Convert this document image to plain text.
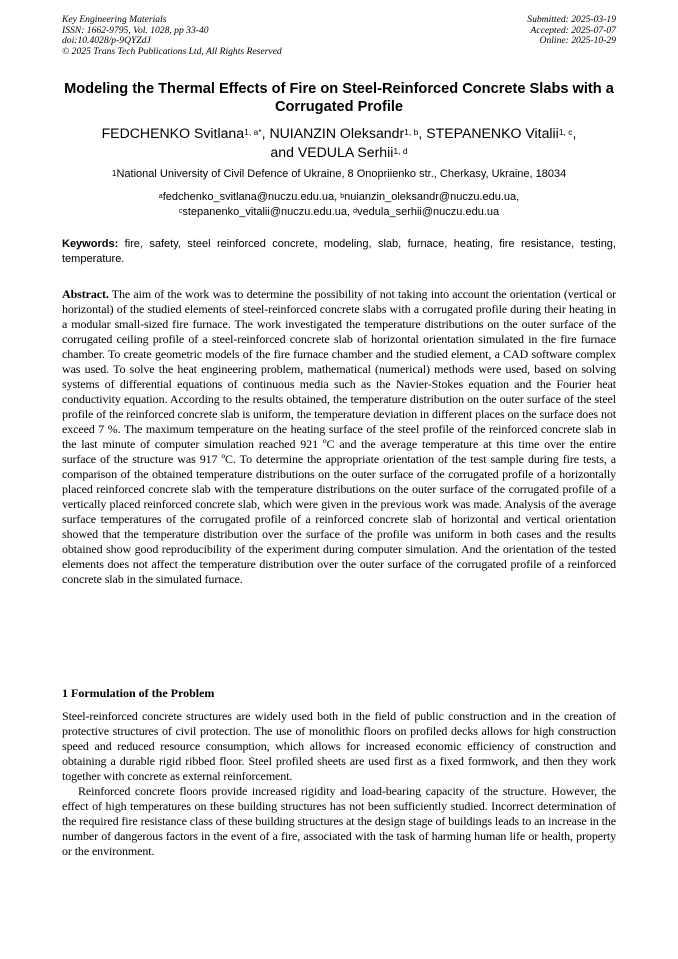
Key Engineering Materials
ISSN: 1662-9795, Vol. 1028, pp 33-40
doi:10.4028/p-9QYZdJ
© 2025 Trans Tech Publications Ltd, All Rights Reserved
Submitted: 2025-03-19
Accepted: 2025-07-07
Online: 2025-10-29
Modeling the Thermal Effects of Fire on Steel-Reinforced Concrete Slabs with a Corrugated Profile
FEDCHENKO Svitlana$^{1, a*}$, NUIANZIN Oleksandr$^{1, b}$, STEPANENKO Vitalii$^{1, c}$,
and VEDULA Serhii$^{1, d}$
$^1$National University of Civil Defence of Ukraine, 8 Onopriienko str., Cherkasy, Ukraine, 18034
$^a$fedchenko_svitlana@nuczu.edu.ua, $^b$nuianzin_oleksandr@nuczu.edu.ua,
$^c$stepanenko_vitalii@nuczu.edu.ua, $^d$vedula_serhii@nuczu.edu.ua
Keywords: fire, safety, steel reinforced concrete, modeling, slab, furnace, heating, fire resistance, testing, temperature.
Abstract. The aim of the work was to determine the possibility of not taking into account the orientation (vertical or horizontal) of the studied elements of steel-reinforced concrete slabs with a corrugated profile during their heating in a modular small-sized fire furnace. The work investigated the temperature distributions on the outer surface of the corrugated ceiling profile of a steel-reinforced concrete slab of horizontal orientation simulated in the fire furnace chamber. To create geometric models of the fire furnace chamber and the studied element, a CAD software complex was used. To solve the heat engineering problem, mathematical (numerical) methods were used, based on solving systems of differential equations of continuous media such as the Navier-Stokes equation and the Fourier heat conductivity equation. According to the results obtained, the temperature distribution on the outer surface of the steel profile of the reinforced concrete slab is uniform, the temperature deviation in different places on the surface does not exceed 7 %. The maximum temperature on the heating surface of the steel profile of the reinforced concrete slab in the last minute of computer simulation reached 921 ºC and the average temperature at this time over the entire surface of the structure was 917 ºC. To determine the appropriate orientation of the test sample during fire tests, a comparison of the obtained temperature distributions on the outer surface of the corrugated profile of a horizontally placed reinforced concrete slab with the temperature distributions on the outer surface of the corrugated profile of a vertically placed reinforced concrete slab, which were given in the previous work was made. Analysis of the average surface temperatures of the corrugated profile of a reinforced concrete slab of horizontal and vertical orientation showed that the temperature distribution over the surface of the profile was uniform in both cases and the results obtained show good reproducibility of the experiment during computer simulation. And the orientation of the tested elements does not affect the temperature distribution over the outer surface of the corrugated profile of a reinforced concrete slab in the simulated furnace.
1 Formulation of the Problem

Steel-reinforced concrete structures are widely used both in the field of public construction and in the creation of protective structures of civil protection. The use of monolithic floors on profiled decks allows for high construction speed and reduced resource consumption, which allows for increased economic efficiency of construction and obtaining a durable rigid ribbed floor. Steel profiled sheets are used first as a fixed formwork, and then they work together with concrete as external reinforcement.

Reinforced concrete floors provide increased rigidity and load-bearing capacity of the structure. However, the effect of high temperatures on these building structures has not been sufficiently studied. Incorrect determination of the required fire resistance class of these building structures at the design stage of buildings leads to an increase in the number of dangerous factors in the event of a fire, associated with the task of harming human life or health, property or the environment.
